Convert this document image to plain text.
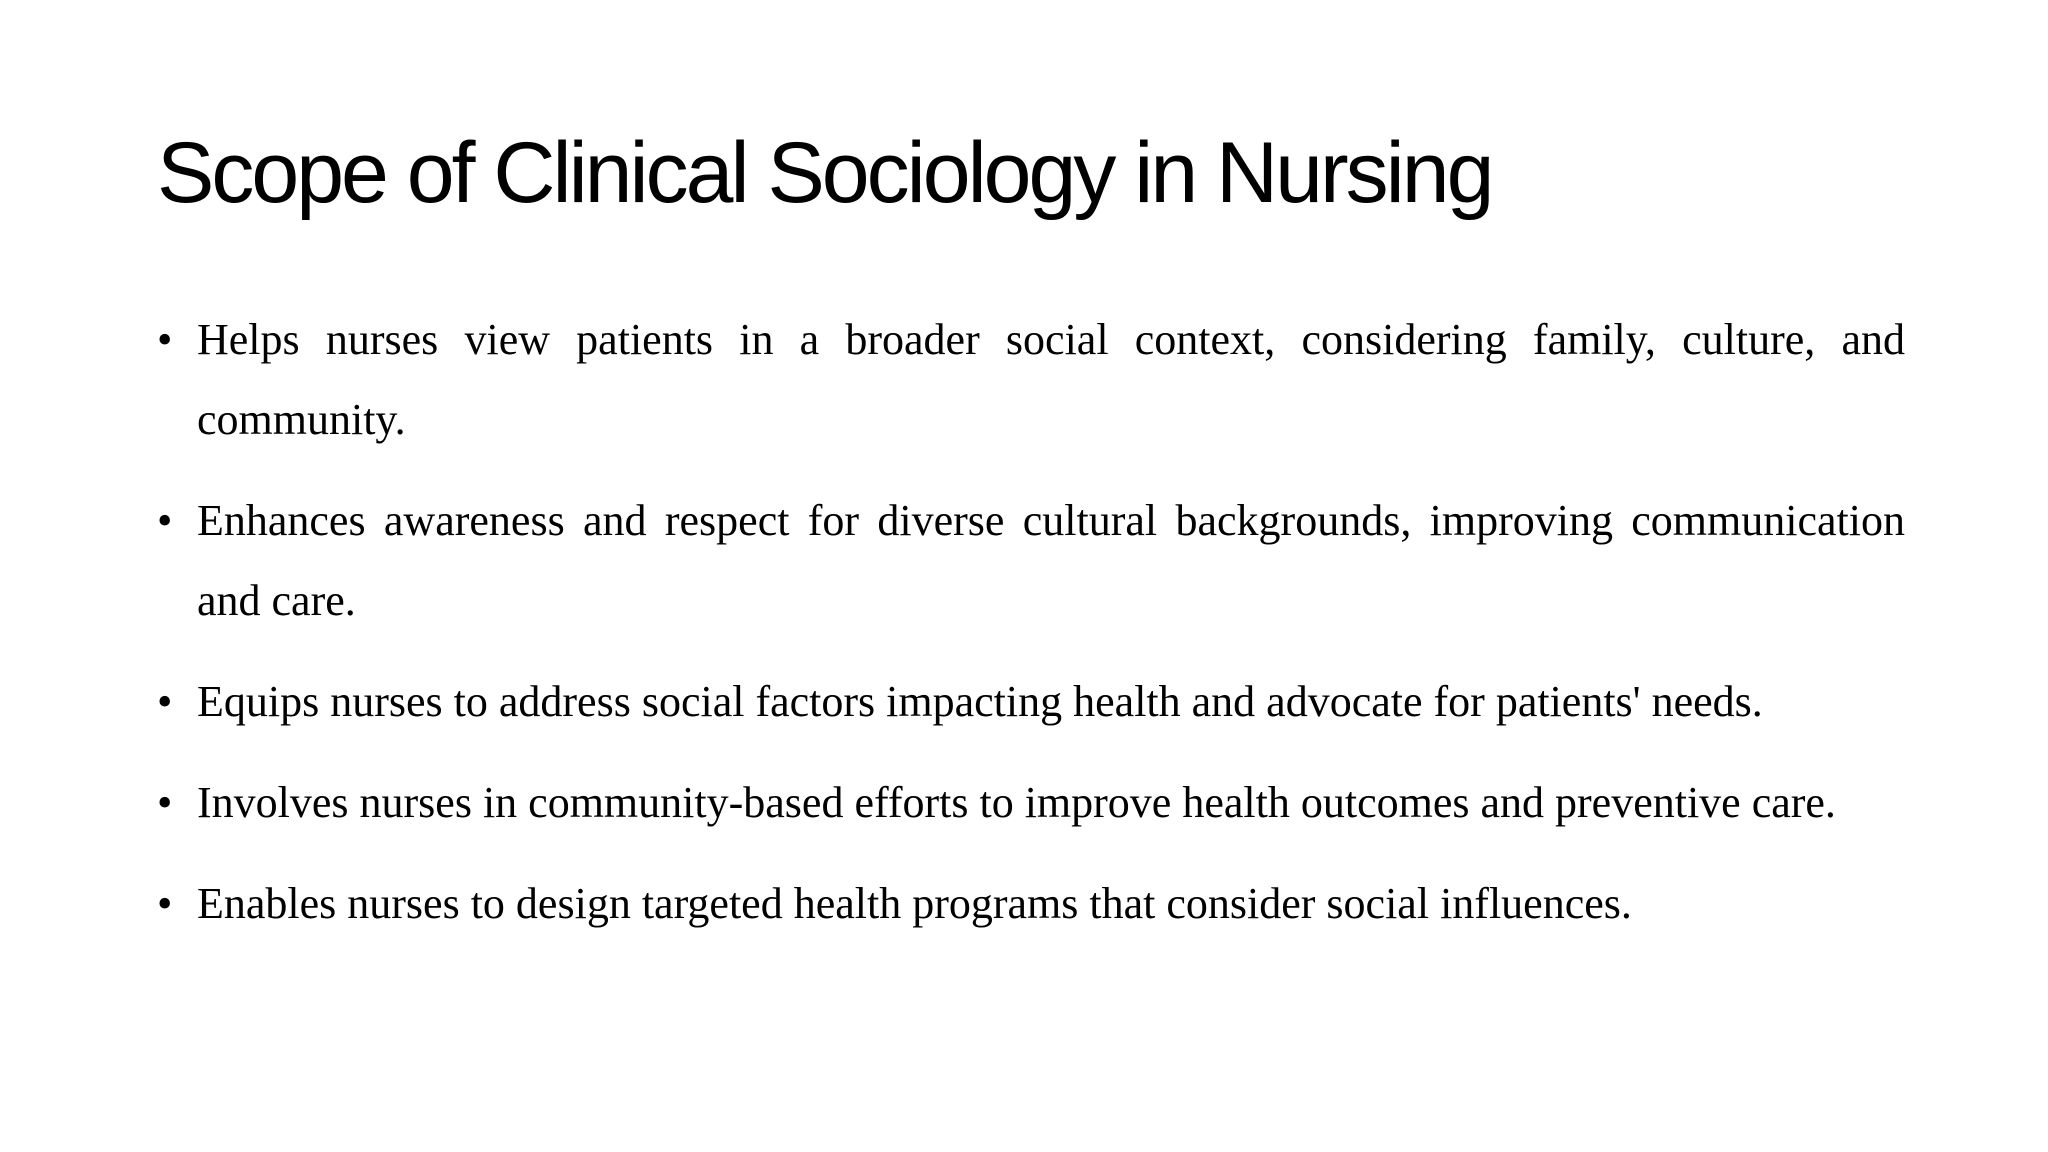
Scope of Clinical Sociology in Nursing
• Helps nurses view patients in a broader social context, considering family, culture, and community.
• Enhances awareness and respect for diverse cultural backgrounds, improving communication and care.
• Equips nurses to address social factors impacting health and advocate for patients' needs.
• Involves nurses in community-based efforts to improve health outcomes and preventive care.
• Enables nurses to design targeted health programs that consider social influences.
